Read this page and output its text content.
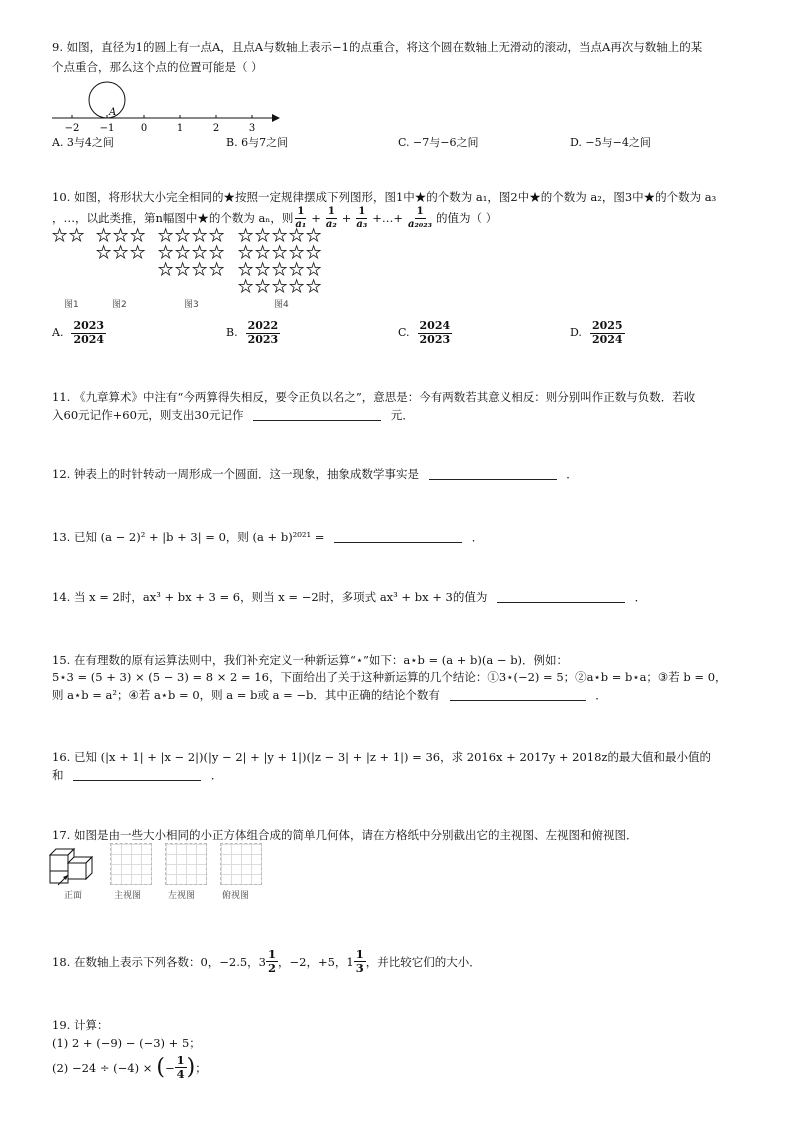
9. 如图，直径为1的圆上有一点A，且点A与数轴上表示−1的点重合，将这个圆在数轴上无滑动的滚动，当点A再次与数轴上的某
个点重合，那么这个点的位置可能是（ ）
A
−2 −1	0	1	2	3
A. 3与4之间	B. 6与7之间	C. −7与−6之间	D. −5与−4之间
10. 如图，将形状大小完全相同的★按照一定规律摆成下列图形，图1中★的个数为 a₁，图2中★的个数为 a₂，图3中★的个数为 a₃
，…，以此类推，第n幅图中★的个数为 aₙ，则 $\frac{1}{\text{a₁}} + \frac{1}{\text{a₂}} + \frac{1}{\text{a₃}}$ +…+ $\frac{1}{\text{a₂₀₂₃}}$ 的值为（ ）
★ ★ ★ ★ ★
★ ★ ★
★ ★ ★ ★
★ ★ ★ ★
★ ★ ★ ★
★ ★ ★ ★ ★
★ ★ ★ ★ ★
★ ★ ★ ★ ★
★ ★ ★ ★ ★
图1	图2	图3	图4
A. $\frac{2023}{2024}$	B. $\frac{2022}{2023}$	C. $\frac{2024}{2023}$	D. $\frac{2025}{2024}$
11. 《九章算术》中注有“今两算得失相反，要令正负以名之”，意思是：今有两数若其意义相反：则分别叫作正数与负数．若收
入60元记作+60元，则支出30元记作	元．
12. 钟表上的时针转动一周形成一个圆面．这一现象，抽象成数学事实是	．
13. 已知 (a − 2)² + |b + 3| = 0，则 (a + b)²⁰²¹ =	．
14. 当 x = 2时，ax³ + bx + 3 = 6，则当 x = −2时，多项式 ax³ + bx + 3的值为	．
15. 在有理数的原有运算法则中，我们补充定义一种新运算“⋆”如下：a⋆b = (a + b)(a − b)．例如：
5⋆3 = (5 + 3) × (5 − 3) = 8 × 2 = 16，下面给出了关于这种新运算的几个结论：①3⋆(−2) = 5；②a⋆b = b⋆a；③若 b = 0，
则 a⋆b = a²；④若 a⋆b = 0，则 a = b或 a = −b．其中正确的结论个数有	．
16. 已知 (|x + 1| + |x − 2|)(|y − 2| + |y + 1|)(|z − 3| + |z + 1|) = 36，求 2016x + 2017y + 2018z的最大值和最小值的
和	．
17. 如图是由一些大小相同的小正方体组合成的简单几何体，请在方格纸中分别截出它的主视图、左视图和俯视图．
正面	主视图	左视图	俯视图
18. 在数轴上表示下列各数：0，−2.5，$3 \frac{1}{2}$ ，−2，+5，$1 \frac{1}{3}$ ，并比较它们的大小．
19. 计算：
(1) 2 + (−9) − (−3) + 5；
(2) −24 ÷ (−4) × ( − $\frac{1}{4}$ ) ；
